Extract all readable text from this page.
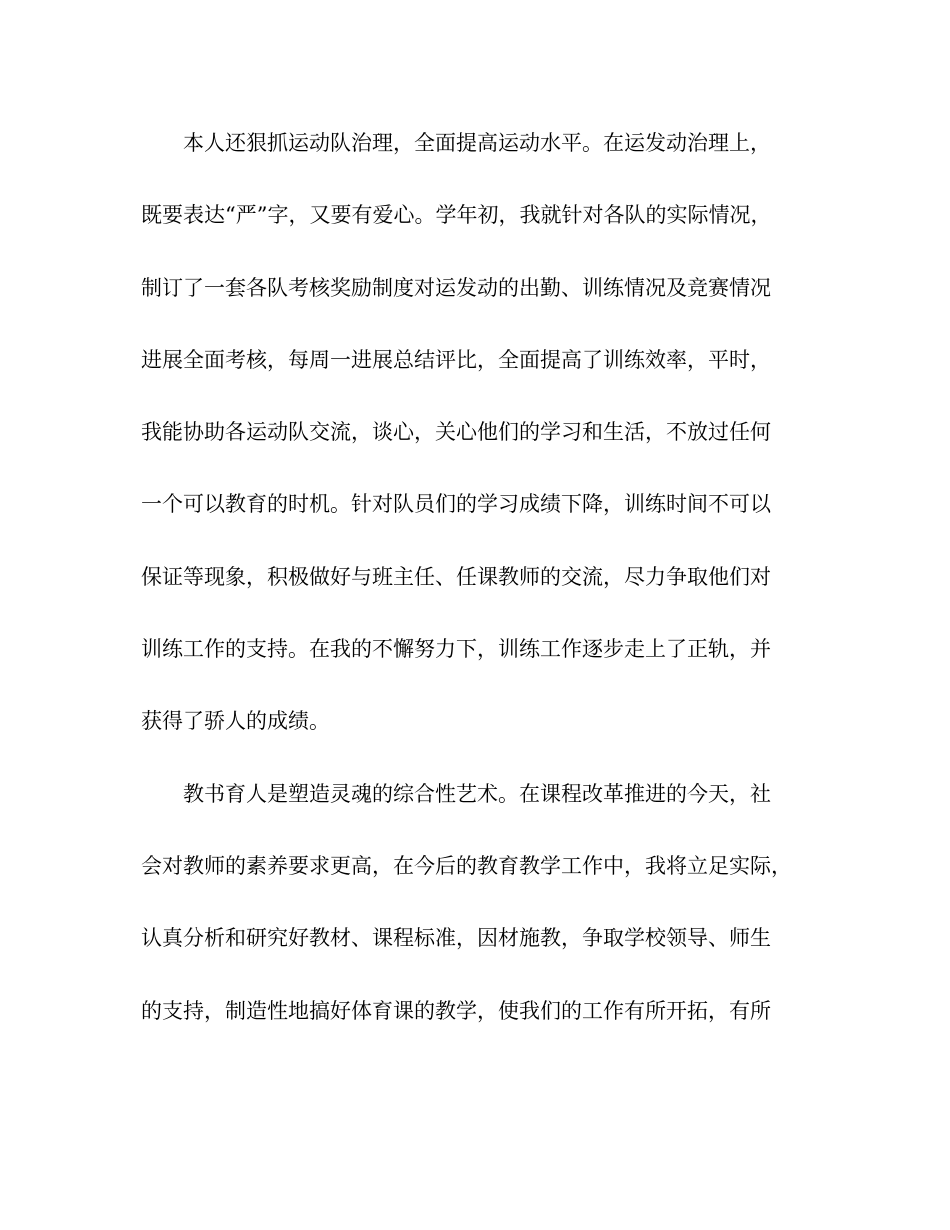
本人还狠抓运动队治理，全面提高运动水平。在运发动治理上，
既要表达“严”字，又要有爱心。学年初，我就针对各队的实际情况，
制订了一套各队考核奖励制度对运发动的出勤、训练情况及竞赛情况
进展全面考核，每周一进展总结评比，全面提高了训练效率，平时，
我能协助各运动队交流，谈心，关心他们的学习和生活，不放过任何
一个可以教育的时机。针对队员们的学习成绩下降，训练时间不可以
保证等现象，积极做好与班主任、任课教师的交流，尽力争取他们对
训练工作的支持。在我的不懈努力下，训练工作逐步走上了正轨，并
获得了骄人的成绩。
教书育人是塑造灵魂的综合性艺术。在课程改革推进的今天，社
会对教师的素养要求更高，在今后的教育教学工作中，我将立足实际，
认真分析和研究好教材、课程标准，因材施教，争取学校领导、师生
的支持，制造性地搞好体育课的教学，使我们的工作有所开拓，有所
